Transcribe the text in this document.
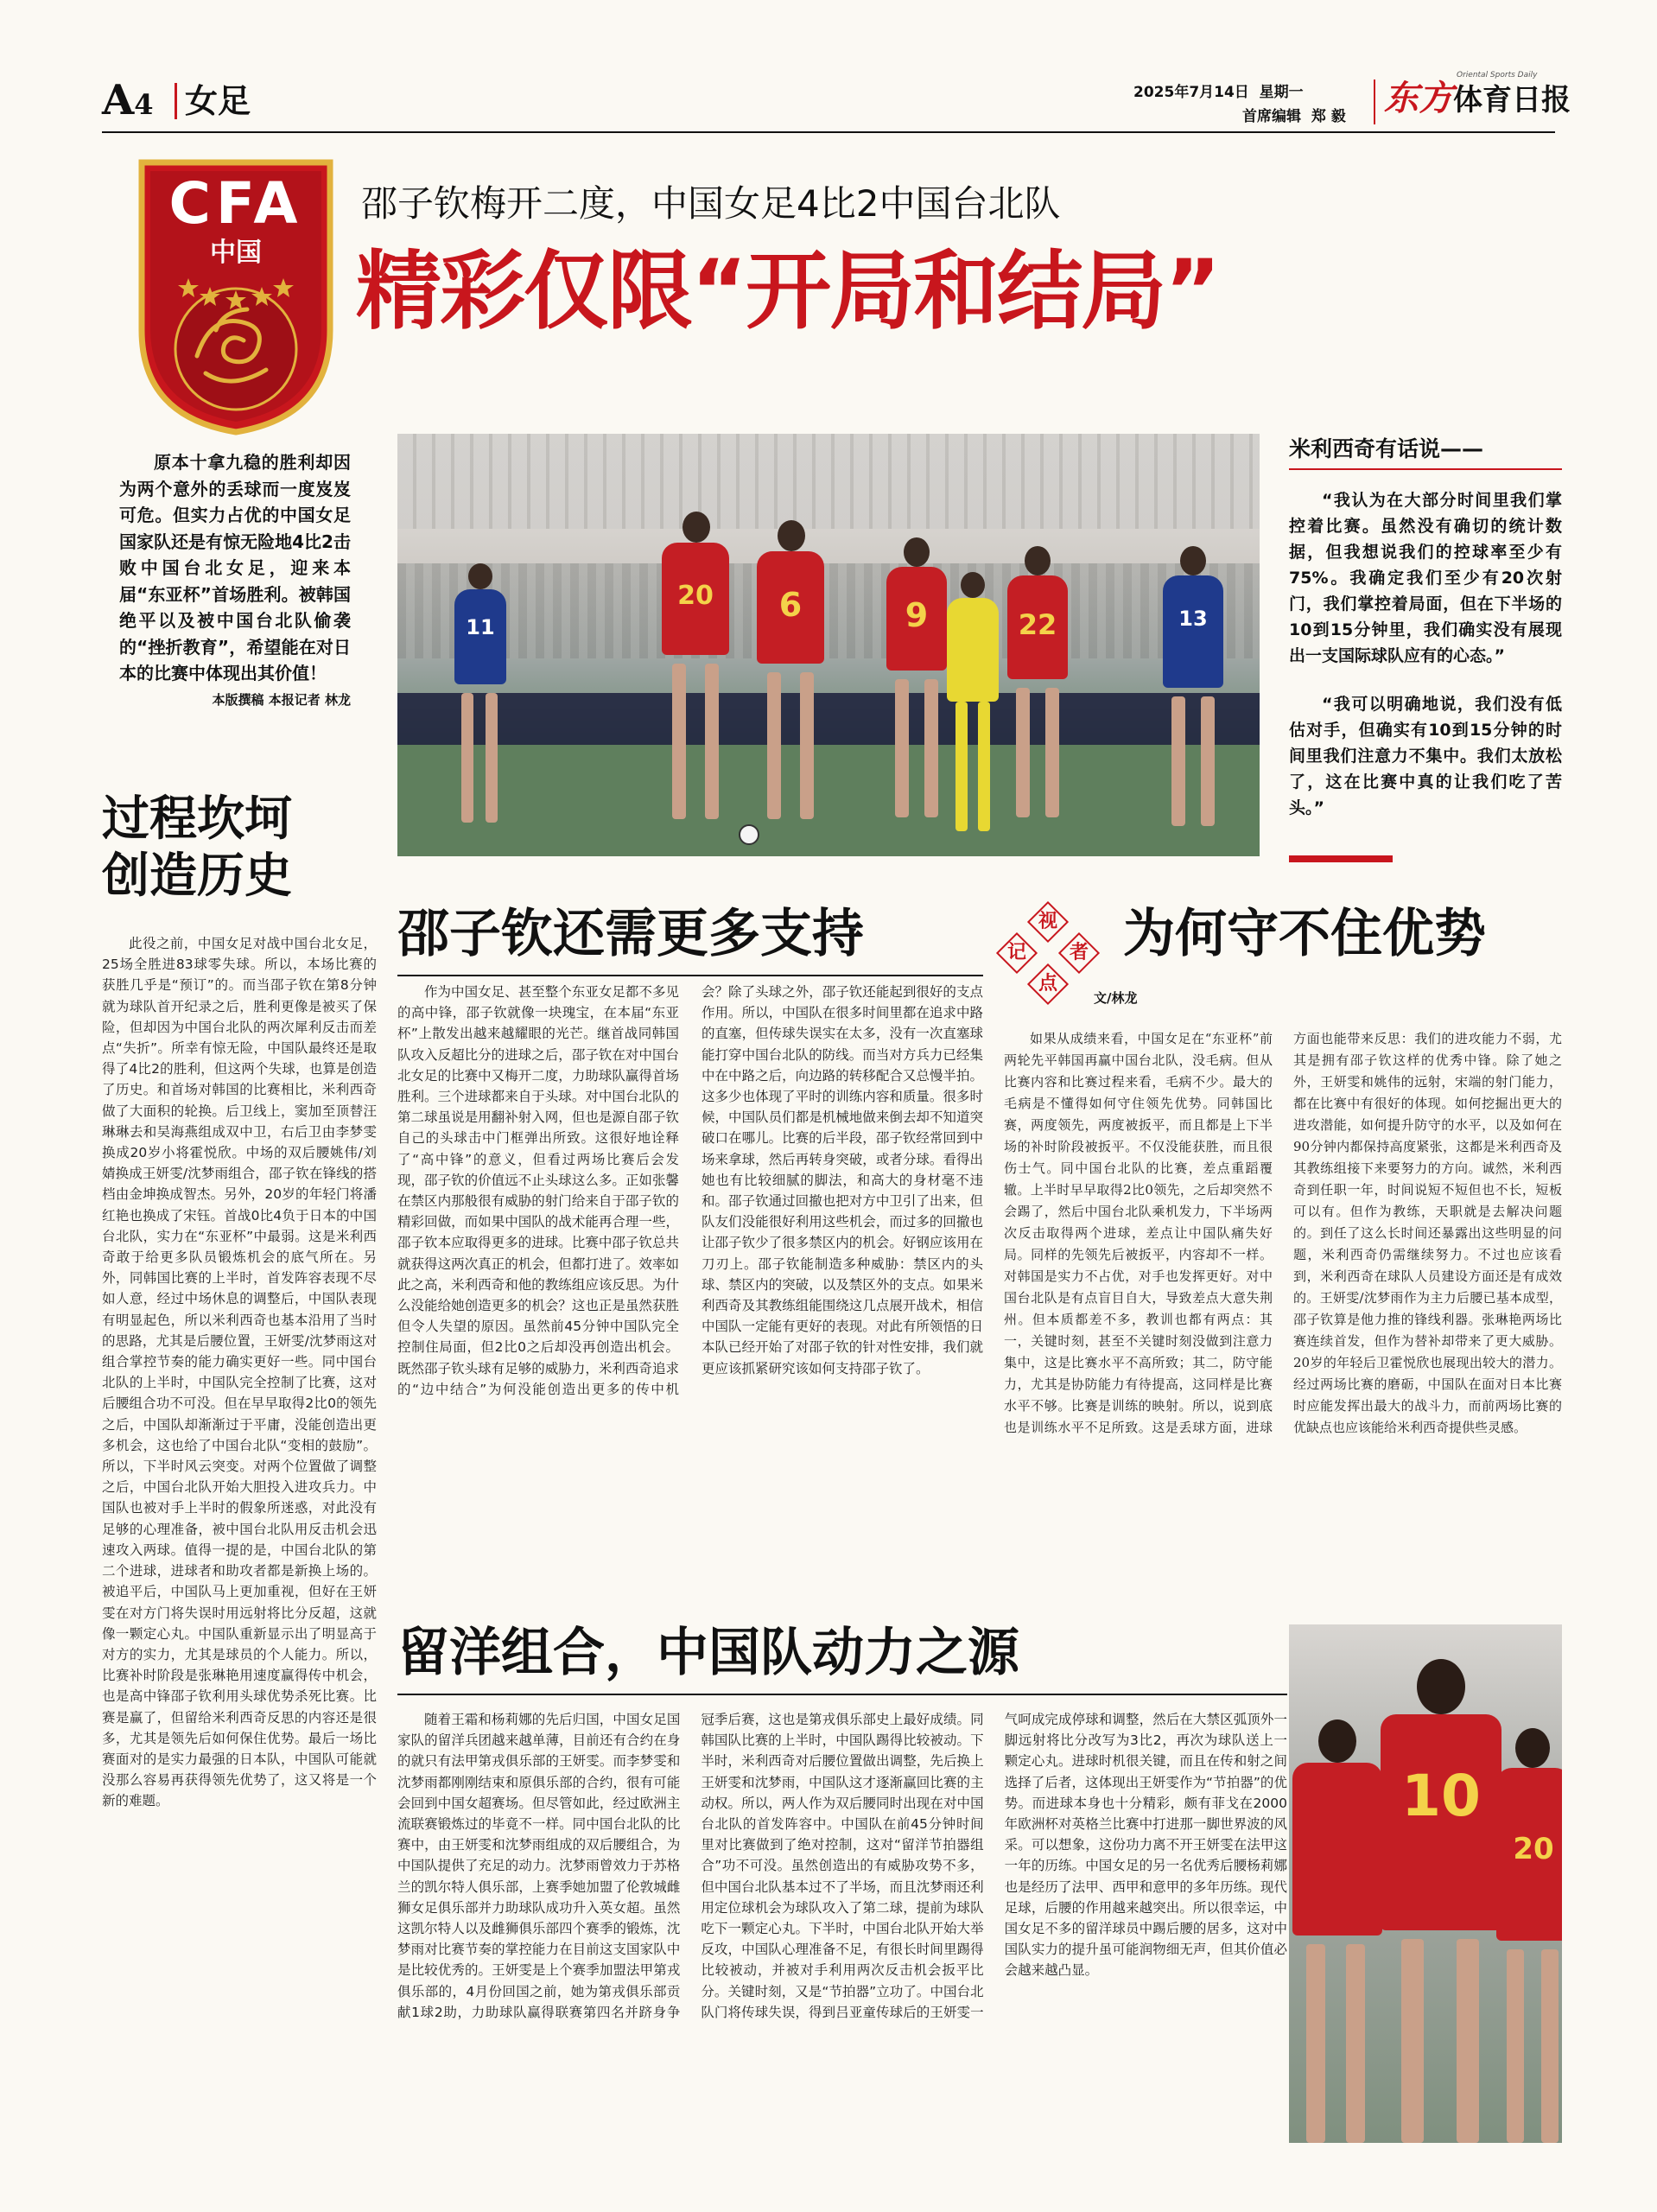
A4 女足	2025年7月14日 星期一
首席编辑 郑 毅 东方体育日报
Oriental Sports Daily
CFA
中国
邵子钦梅开二度，中国女足4比2中国台北队
精彩仅限“开局和结局”
原本十拿九稳的胜利却因为两个意外的丢球而一度岌岌可危。但实力占优的中国女足国家队还是有惊无险地4比2击败中国台北女足，迎来本届“东亚杯”首场胜利。被韩国绝平以及被中国台北队偷袭的“挫折教育”，希望能在对日本的比赛中体现出其价值！
本版撰稿 本报记者 林龙
11
20	6	9	22	13
米利西奇有话说——
“我认为在大部分时间里我们掌控着比赛。虽然没有确切的统计数据，但我想说我们的控球率至少有75%。我确定我们至少有20次射门，我们掌控着局面，但在下半场的10到15分钟里，我们确实没有展现出一支国际球队应有的心态。”
“我可以明确地说，我们没有低估对手，但确实有10到15分钟的时间里我们注意力不集中。我们太放松了，这在比赛中真的让我们吃了苦头。”
过程坎坷创造历史

此役之前，中国女足对战中国台北女足，25场全胜进83球零失球。所以，本场比赛的获胜几乎是“预订”的。而当邵子钦在第8分钟就为球队首开纪录之后，胜利更像是被买了保险，但却因为中国台北队的两次犀利反击而差点“失折”。所幸有惊无险，中国队最终还是取得了4比2的胜利，但这两个失球，也算是创造了历史。和首场对韩国的比赛相比，米利西奇做了大面积的轮换。后卫线上，窦加至顶替汪琳琳去和吴海燕组成双中卫，右后卫由李梦雯换成20岁小将霍悦欣。中场的双后腰姚伟/刘婧换成王妍雯/沈梦雨组合，邵子钦在锋线的搭档由金坤换成智杰。另外，20岁的年轻门将潘红艳也换成了宋钰。首战0比4负于日本的中国台北队，实力在“东亚杯”中最弱。这是米利西奇敢于给更多队员锻炼机会的底气所在。另外，同韩国比赛的上半时，首发阵容表现不尽如人意，经过中场休息的调整后，中国队表现有明显起色，所以米利西奇也基本沿用了当时的思路，尤其是后腰位置，王妍雯/沈梦雨这对组合掌控节奏的能力确实更好一些。同中国台北队的上半时，中国队完全控制了比赛，这对后腰组合功不可没。但在早早取得2比0的领先之后，中国队却渐渐过于平庸，没能创造出更多机会，这也给了中国台北队“变相的鼓励”。所以，下半时风云突变。对两个位置做了调整之后，中国台北队开始大胆投入进攻兵力。中国队也被对手上半时的假象所迷惑，对此没有足够的心理准备，被中国台北队用反击机会迅速攻入两球。值得一提的是，中国台北队的第二个进球，进球者和助攻者都是新换上场的。被追平后，中国队马上更加重视，但好在王妍雯在对方门将失误时用远射将比分反超，这就像一颗定心丸。中国队重新显示出了明显高于对方的实力，尤其是球员的个人能力。所以，比赛补时阶段是张琳艳用速度赢得传中机会，也是高中锋邵子钦利用头球优势杀死比赛。比赛是赢了，但留给米利西奇反思的内容还是很多，尤其是领先后如何保住优势。最后一场比赛面对的是实力最强的日本队，中国队可能就没那么容易再获得领先优势了，这又将是一个新的难题。

邵子钦还需更多支持

作为中国女足、甚至整个东亚女足都不多见的高中锋，邵子钦就像一块瑰宝，在本届“东亚杯”上散发出越来越耀眼的光芒。继首战同韩国队攻入反超比分的进球之后，邵子钦在对中国台北女足的比赛中又梅开二度，力助球队赢得首场胜利。三个进球都来自于头球。对中国台北队的第二球虽说是用翻补射入网，但也是源自邵子钦自己的头球击中门框弹出所致。这很好地诠释了“高中锋”的意义，但看过两场比赛后会发现，邵子钦的价值远不止头球这么多。正如张馨在禁区内那般很有威胁的射门给来自于邵子钦的精彩回做，而如果中国队的战术能再合理一些，邵子钦本应取得更多的进球。比赛中邵子钦总共就获得这两次真正的机会，但都打进了。效率如此之高，米利西奇和他的教练组应该反思。为什么没能给她创造更多的机会？这也正是虽然获胜但令人失望的原因。虽然前45分钟中国队完全控制住局面，但2比0之后却没再创造出机会。既然邵子钦头球有足够的威胁力，米利西奇追求的“边中结合”为何没能创造出更多的传中机会？除了头球之外，邵子钦还能起到很好的支点作用。所以，中国队在很多时间里都在追求中路的直塞，但传球失误实在太多，没有一次直塞球能打穿中国台北队的防线。而当对方兵力已经集中在中路之后，向边路的转移配合又总慢半拍。这多少也体现了平时的训练内容和质量。很多时候，中国队员们都是机械地做来倒去却不知道突破口在哪儿。比赛的后半段，邵子钦经常回到中场来拿球，然后再转身突破，或者分球。看得出她也有比较细腻的脚法，和高大的身材毫不违和。邵子钦通过回撤也把对方中卫引了出来，但队友们没能很好利用这些机会，而过多的回撤也让邵子钦少了很多禁区内的机会。好钢应该用在刀刃上。邵子钦能制造多种威胁：禁区内的头球、禁区内的突破，以及禁区外的支点。如果米利西奇及其教练组能围绕这几点展开战术，相信中国队一定能有更好的表现。对此有所领悟的日本队已经开始了对邵子钦的针对性安排，我们就更应该抓紧研究该如何支持邵子钦了。

视
记 者
点
为何守不住优势
文/林龙

如果从成绩来看，中国女足在“东亚杯”前两轮先平韩国再赢中国台北队，没毛病。但从比赛内容和比赛过程来看，毛病不少。最大的毛病是不懂得如何守住领先优势。同韩国比赛，两度领先，两度被扳平，而且都是上下半场的补时阶段被扳平。不仅没能获胜，而且很伤士气。同中国台北队的比赛，差点重蹈覆辙。上半时早早取得2比0领先，之后却突然不会踢了，然后中国台北队乘机发力，下半场两次反击取得两个进球，差点让中国队痛失好局。同样的先领先后被扳平，内容却不一样。对韩国是实力不占优，对手也发挥更好。对中国台北队是有点盲目自大，导致差点大意失荆州。但本质都差不多，教训也都有两点：其一，关键时刻，甚至不关键时刻没做到注意力集中，这是比赛水平不高所致；其二，防守能力，尤其是协防能力有待提高，这同样是比赛水平不够。比赛是训练的映射。所以，说到底也是训练水平不足所致。这是丢球方面，进球方面也能带来反思：我们的进攻能力不弱，尤其是拥有邵子钦这样的优秀中锋。除了她之外，王妍雯和姚伟的远射，宋端的射门能力，都在比赛中有很好的体现。如何挖掘出更大的进攻潜能，如何提升防守的水平，以及如何在90分钟内都保持高度紧张，这都是米利西奇及其教练组接下来要努力的方向。诚然，米利西奇到任职一年，时间说短不短但也不长，短板可以有。但作为教练，天职就是去解决问题的。到任了这么长时间还暴露出这些明显的问题，米利西奇仍需继续努力。不过也应该看到，米利西奇在球队人员建设方面还是有成效的。王妍雯/沈梦雨作为主力后腰已基本成型，邵子钦算是他力推的锋线利器。张琳艳两场比赛连续首发，但作为替补却带来了更大威胁。20岁的年轻后卫霍悦欣也展现出较大的潜力。经过两场比赛的磨砺，中国队在面对日本比赛时应能发挥出最大的战斗力，而前两场比赛的优缺点也应该能给米利西奇提供些灵感。

留洋组合，中国队动力之源

随着王霜和杨莉娜的先后归国，中国女足国家队的留洋兵团越来越单薄，目前还有合约在身的就只有法甲第戎俱乐部的王妍雯。而李梦雯和沈梦雨都刚刚结束和原俱乐部的合约，很有可能会回到中国女超赛场。但尽管如此，经过欧洲主流联赛锻炼过的毕竟不一样。同中国台北队的比赛中，由王妍雯和沈梦雨组成的双后腰组合，为中国队提供了充足的动力。沈梦雨曾效力于苏格兰的凯尔特人俱乐部，上赛季她加盟了伦敦城雌狮女足俱乐部并力助球队成功升入英女超。虽然这凯尔特人以及雌狮俱乐部四个赛季的锻炼，沈梦雨对比赛节奏的掌控能力在目前这支国家队中是比较优秀的。王妍雯是上个赛季加盟法甲第戎俱乐部的，4月份回国之前，她为第戎俱乐部贡献1球2助，力助球队赢得联赛第四名并跻身争冠季后赛，这也是第戎俱乐部史上最好成绩。同韩国队比赛的上半时，中国队踢得比较被动。下半时，米利西奇对后腰位置做出调整，先后换上王妍雯和沈梦雨，中国队这才逐渐赢回比赛的主动权。所以，两人作为双后腰同时出现在对中国台北队的首发阵容中。中国队在前45分钟时间里对比赛做到了绝对控制，这对“留洋节拍器组合”功不可没。虽然创造出的有威胁攻势不多，但中国台北队基本过不了半场，而且沈梦雨还利用定位球机会为球队攻入了第二球，提前为球队吃下一颗定心丸。下半时，中国台北队开始大举反攻，中国队心理准备不足，有很长时间里踢得比较被动，并被对手利用两次反击机会扳平比分。关键时刻，又是“节拍器”立功了。中国台北队门将传球失误，得到吕亚童传球后的王妍雯一气呵成完成停球和调整，然后在大禁区弧顶外一脚远射将比分改写为3比2，再次为球队送上一颗定心丸。进球时机很关键，而且在传和射之间选择了后者，这体现出王妍雯作为“节拍器”的优势。而进球本身也十分精彩，颇有菲戈在2000年欧洲杯对英格兰比赛中打进那一脚世界波的风采。可以想象，这份功力离不开王妍雯在法甲这一年的历练。中国女足的另一名优秀后腰杨莉娜也是经历了法甲、西甲和意甲的多年历练。现代足球，后腰的作用越来越突出。所以很幸运，中国女足不多的留洋球员中踢后腰的居多，这对中国队实力的提升虽可能润物细无声，但其价值必会越来越凸显。

10
20
